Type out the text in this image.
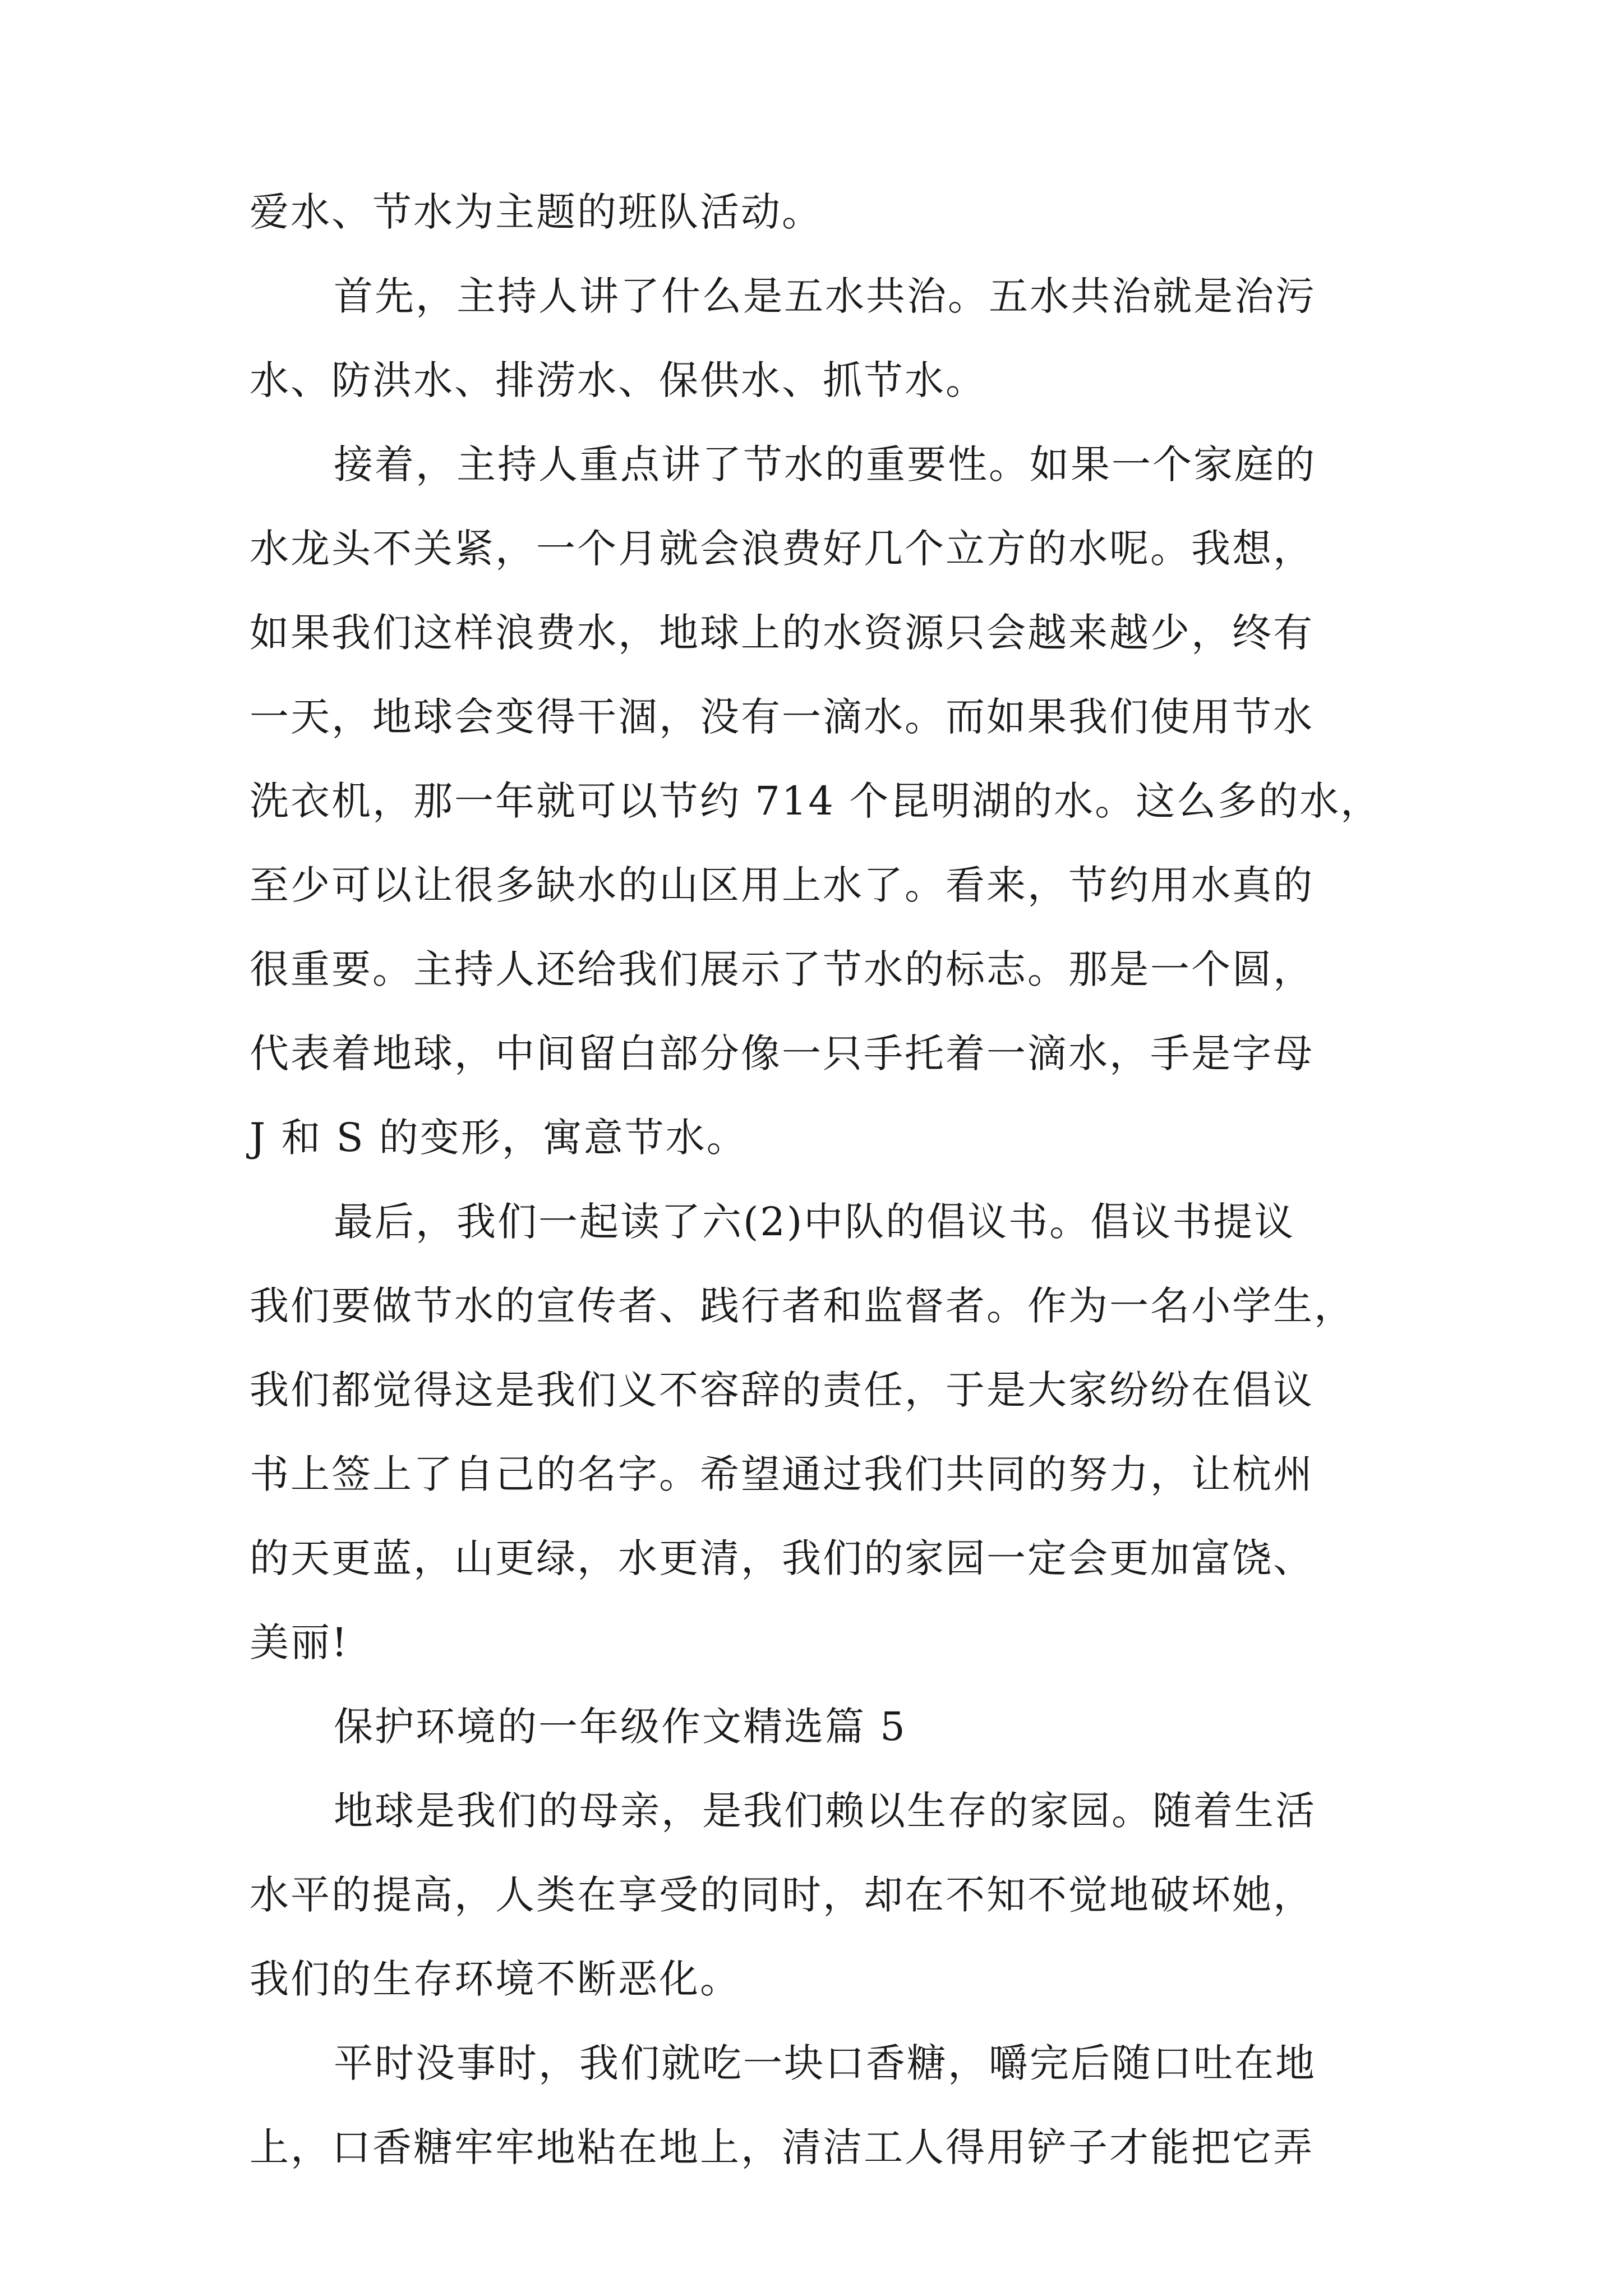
爱水、节水为主题的班队活动。
首先，主持人讲了什么是五水共治。五水共治就是治污
水、防洪水、排涝水、保供水、抓节水。
接着，主持人重点讲了节水的重要性。如果一个家庭的
水龙头不关紧，一个月就会浪费好几个立方的水呢。我想，
如果我们这样浪费水，地球上的水资源只会越来越少，终有
一天，地球会变得干涸，没有一滴水。而如果我们使用节水
洗衣机，那一年就可以节约 714 个昆明湖的水。这么多的水，
至少可以让很多缺水的山区用上水了。看来，节约用水真的
很重要。主持人还给我们展示了节水的标志。那是一个圆，
代表着地球，中间留白部分像一只手托着一滴水，手是字母
J 和 S 的变形，寓意节水。
最后，我们一起读了六(2)中队的倡议书。倡议书提议
我们要做节水的宣传者、践行者和监督者。作为一名小学生，
我们都觉得这是我们义不容辞的责任，于是大家纷纷在倡议
书上签上了自己的名字。希望通过我们共同的努力，让杭州
的天更蓝，山更绿，水更清，我们的家园一定会更加富饶、
美丽!
保护环境的一年级作文精选篇 5
地球是我们的母亲，是我们赖以生存的家园。随着生活
水平的提高，人类在享受的同时，却在不知不觉地破坏她，
我们的生存环境不断恶化。
平时没事时，我们就吃一块口香糖，嚼完后随口吐在地
上，口香糖牢牢地粘在地上，清洁工人得用铲子才能把它弄
